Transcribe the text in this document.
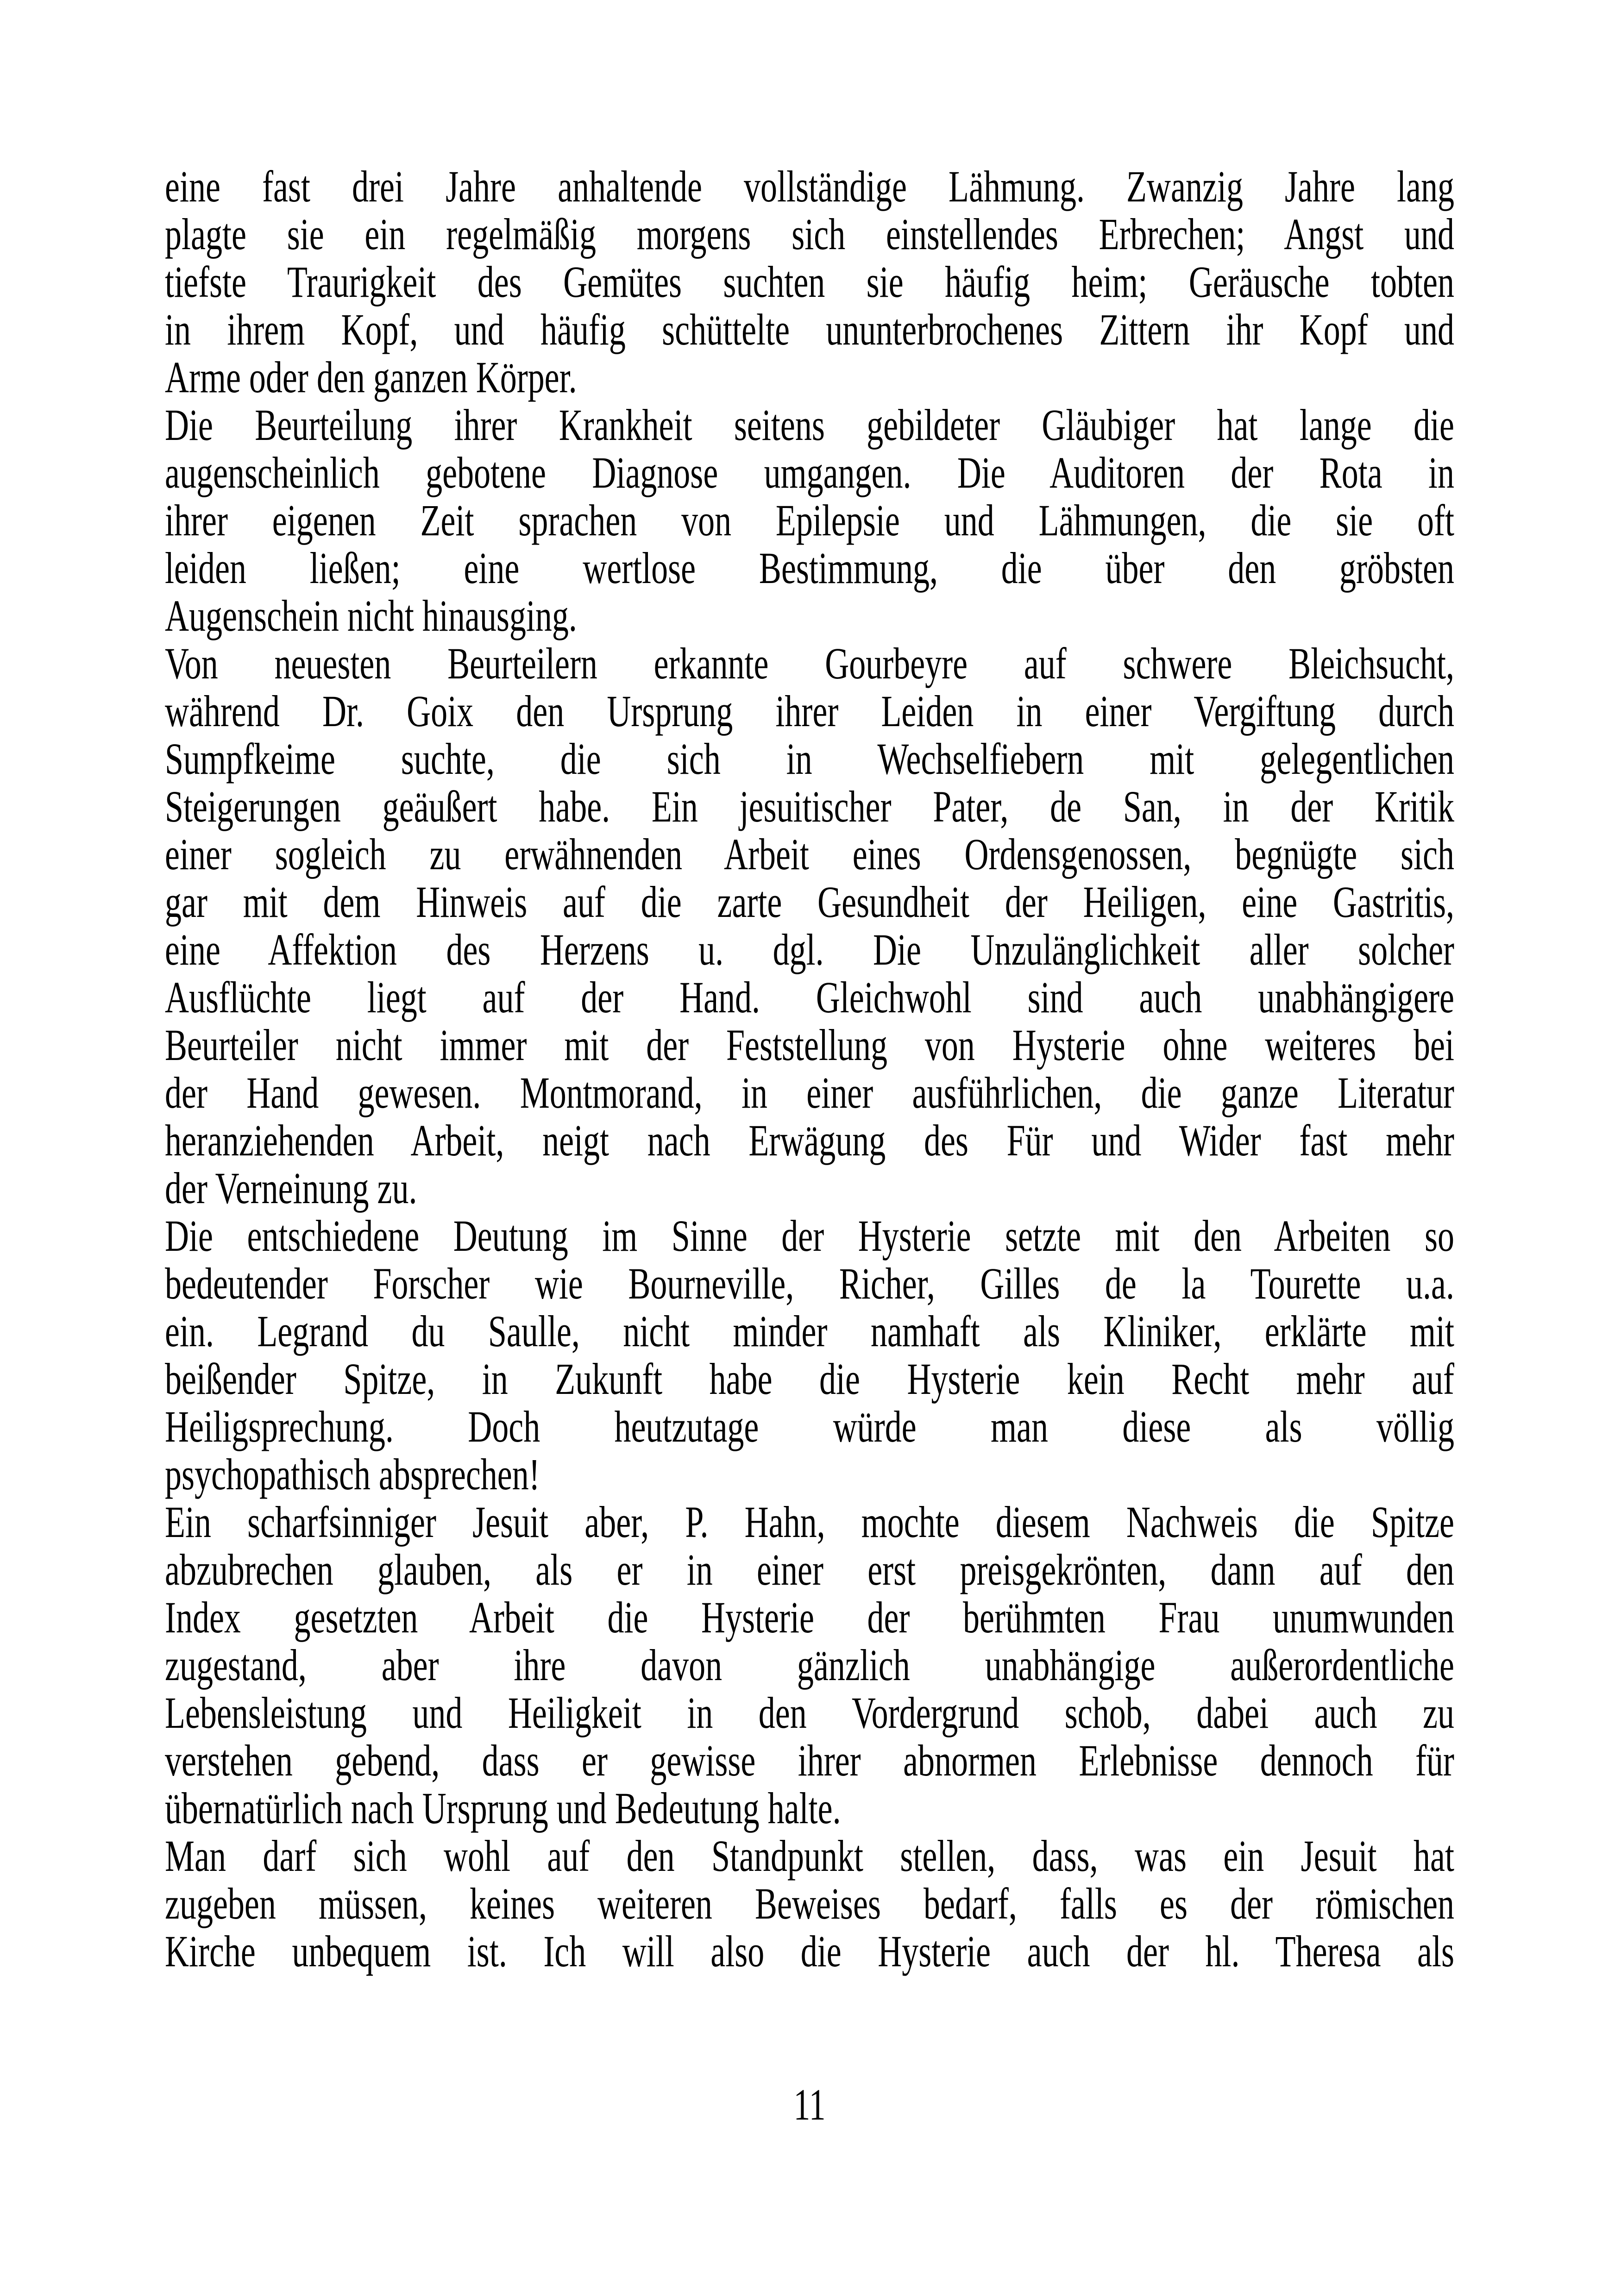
eine fast drei Jahre anhaltende vollständige Lähmung. Zwanzig Jahre lang
plagte sie ein regelmäßig morgens sich einstellendes Erbrechen; Angst und
tiefste Traurigkeit des Gemütes suchten sie häufig heim; Geräusche tobten
in ihrem Kopf, und häufig schüttelte ununterbrochenes Zittern ihr Kopf und
Arme oder den ganzen Körper.
Die Beurteilung ihrer Krankheit seitens gebildeter Gläubiger hat lange die
augenscheinlich gebotene Diagnose umgangen. Die Auditoren der Rota in
ihrer eigenen Zeit sprachen von Epilepsie und Lähmungen, die sie oft
leiden ließen; eine wertlose Bestimmung, die über den gröbsten
Augenschein nicht hinausging.
Von neuesten Beurteilern erkannte Gourbeyre auf schwere Bleichsucht,
während Dr. Goix den Ursprung ihrer Leiden in einer Vergiftung durch
Sumpfkeime suchte, die sich in Wechselfiebern mit gelegentlichen
Steigerungen geäußert habe. Ein jesuitischer Pater, de San, in der Kritik
einer sogleich zu erwähnenden Arbeit eines Ordensgenossen, begnügte sich
gar mit dem Hinweis auf die zarte Gesundheit der Heiligen, eine Gastritis,
eine Affektion des Herzens u. dgl. Die Unzulänglichkeit aller solcher
Ausflüchte liegt auf der Hand. Gleichwohl sind auch unabhängigere
Beurteiler nicht immer mit der Feststellung von Hysterie ohne weiteres bei
der Hand gewesen. Montmorand, in einer ausführlichen, die ganze Literatur
heranziehenden Arbeit, neigt nach Erwägung des Für und Wider fast mehr
der Verneinung zu.
Die entschiedene Deutung im Sinne der Hysterie setzte mit den Arbeiten so
bedeutender Forscher wie Bourneville, Richer, Gilles de la Tourette u.a.
ein. Legrand du Saulle, nicht minder namhaft als Kliniker, erklärte mit
beißender Spitze, in Zukunft habe die Hysterie kein Recht mehr auf
Heiligsprechung. Doch heutzutage würde man diese als völlig
psychopathisch absprechen!
Ein scharfsinniger Jesuit aber, P. Hahn, mochte diesem Nachweis die Spitze
abzubrechen glauben, als er in einer erst preisgekrönten, dann auf den
Index gesetzten Arbeit die Hysterie der berühmten Frau unumwunden
zugestand, aber ihre davon gänzlich unabhängige außerordentliche
Lebensleistung und Heiligkeit in den Vordergrund schob, dabei auch zu
verstehen gebend, dass er gewisse ihrer abnormen Erlebnisse dennoch für
übernatürlich nach Ursprung und Bedeutung halte.
Man darf sich wohl auf den Standpunkt stellen, dass, was ein Jesuit hat
zugeben müssen, keines weiteren Beweises bedarf, falls es der römischen
Kirche unbequem ist. Ich will also die Hysterie auch der hl. Theresa als
11
